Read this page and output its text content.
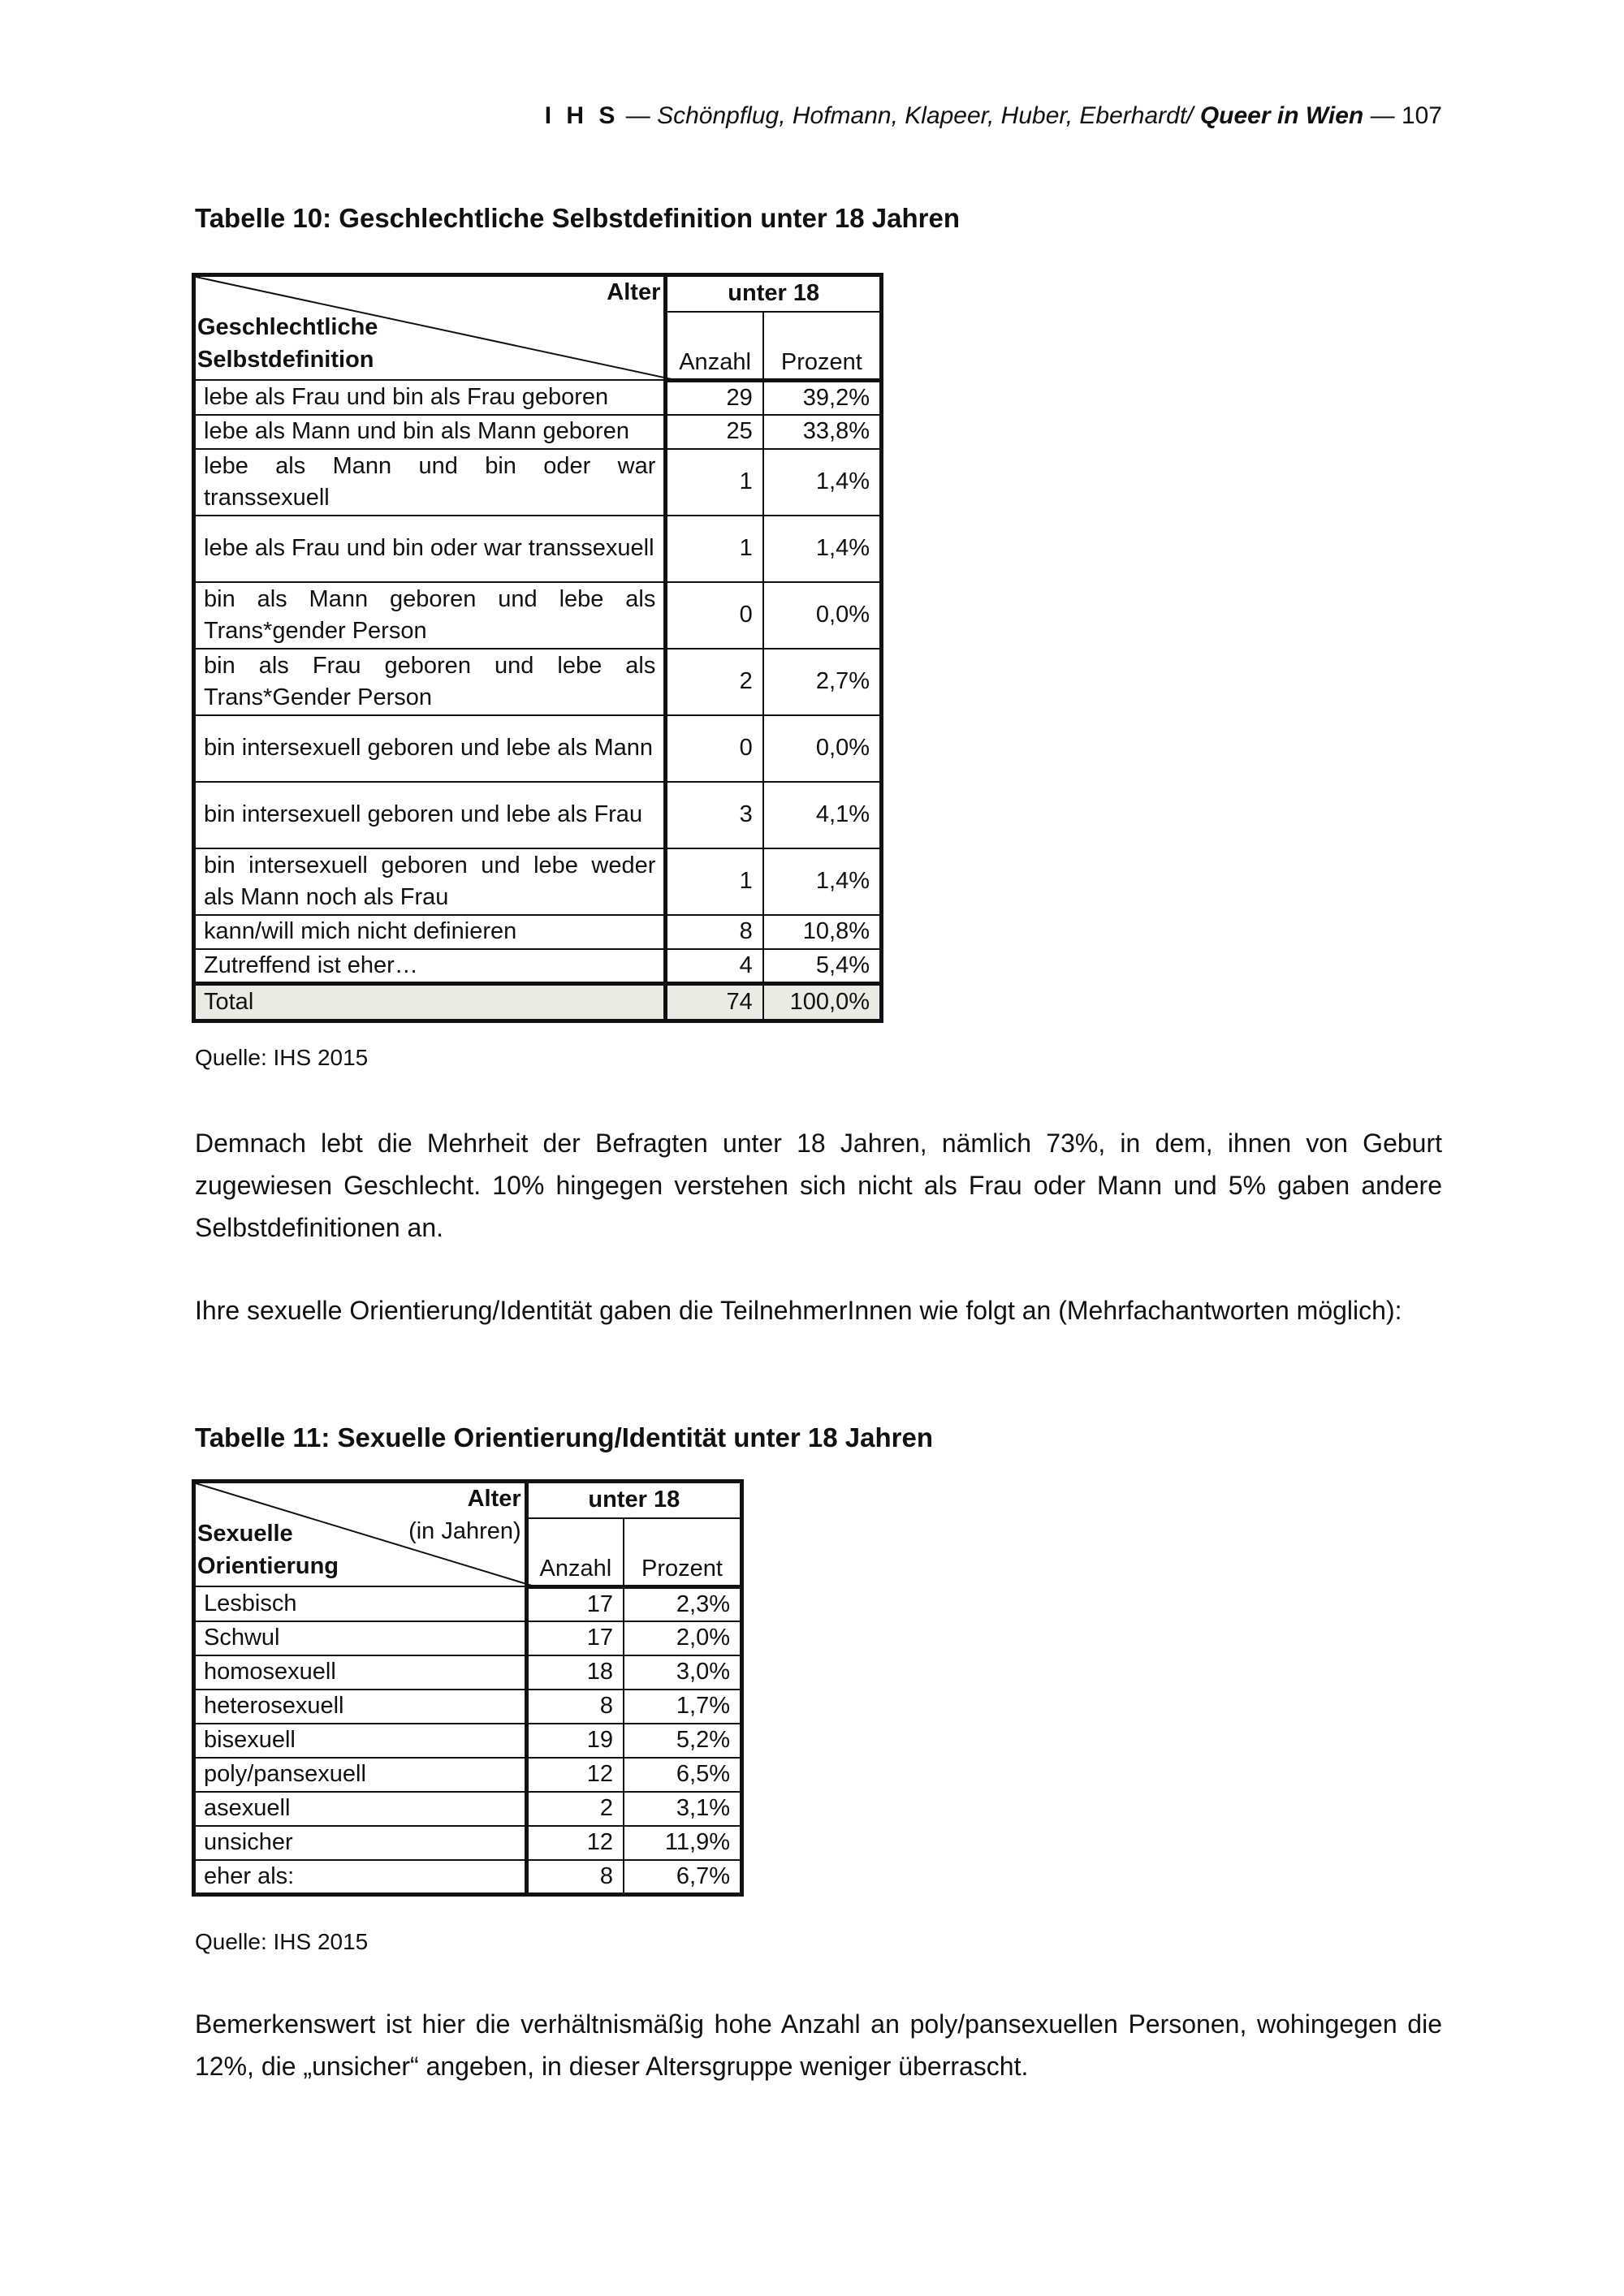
I H S — Schönpflug, Hofmann, Klapeer, Huber, Eberhardt/ Queer in Wien — 107
Tabelle 10: Geschlechtliche Selbstdefinition unter 18 Jahren
Alter
Geschlechtliche
Selbstdefinition	unter 18	
	Anzahl	Prozent
lebe als Frau und bin als Frau geboren	29	39,2%
lebe als Mann und bin als Mann geboren	25	33,8%
lebe als Mann und bin oder war transsexuell	1	1,4%
lebe als Frau und bin oder war transsexuell	1	1,4%
bin als Mann geboren und lebe als Trans*gender Person	0	0,0%
bin als Frau geboren und lebe als Trans*Gender Person	2	2,7%
bin intersexuell geboren und lebe als Mann	0	0,0%
bin intersexuell geboren und lebe als Frau	3	4,1%
bin intersexuell geboren und lebe weder als Mann noch als Frau	1	1,4%
kann/will mich nicht definieren	8	10,8%
Zutreffend ist eher…	4	5,4%
Total	74	100,0%
Quelle: IHS 2015
Demnach lebt die Mehrheit der Befragten unter 18 Jahren, nämlich 73%, in dem, ihnen von Geburt zugewiesen Geschlecht. 10% hingegen verstehen sich nicht als Frau oder Mann und 5% gaben andere Selbstdefinitionen an.
Ihre sexuelle Orientierung/Identität gaben die TeilnehmerInnen wie folgt an (Mehrfachantworten möglich):
Tabelle 11: Sexuelle Orientierung/Identität unter 18 Jahren
Alter
(in Jahren)
Sexuelle
Orientierung	unter 18	
	Anzahl	Prozent
Lesbisch	17	2,3%
Schwul	17	2,0%
homosexuell	18	3,0%
heterosexuell	8	1,7%
bisexuell	19	5,2%
poly/pansexuell	12	6,5%
asexuell	2	3,1%
unsicher	12	11,9%
eher als:	8	6,7%
Quelle: IHS 2015
Bemerkenswert ist hier die verhältnismäßig hohe Anzahl an poly/pansexuellen Personen, wohingegen die 12%, die „unsicher“ angeben, in dieser Altersgruppe weniger überrascht.
